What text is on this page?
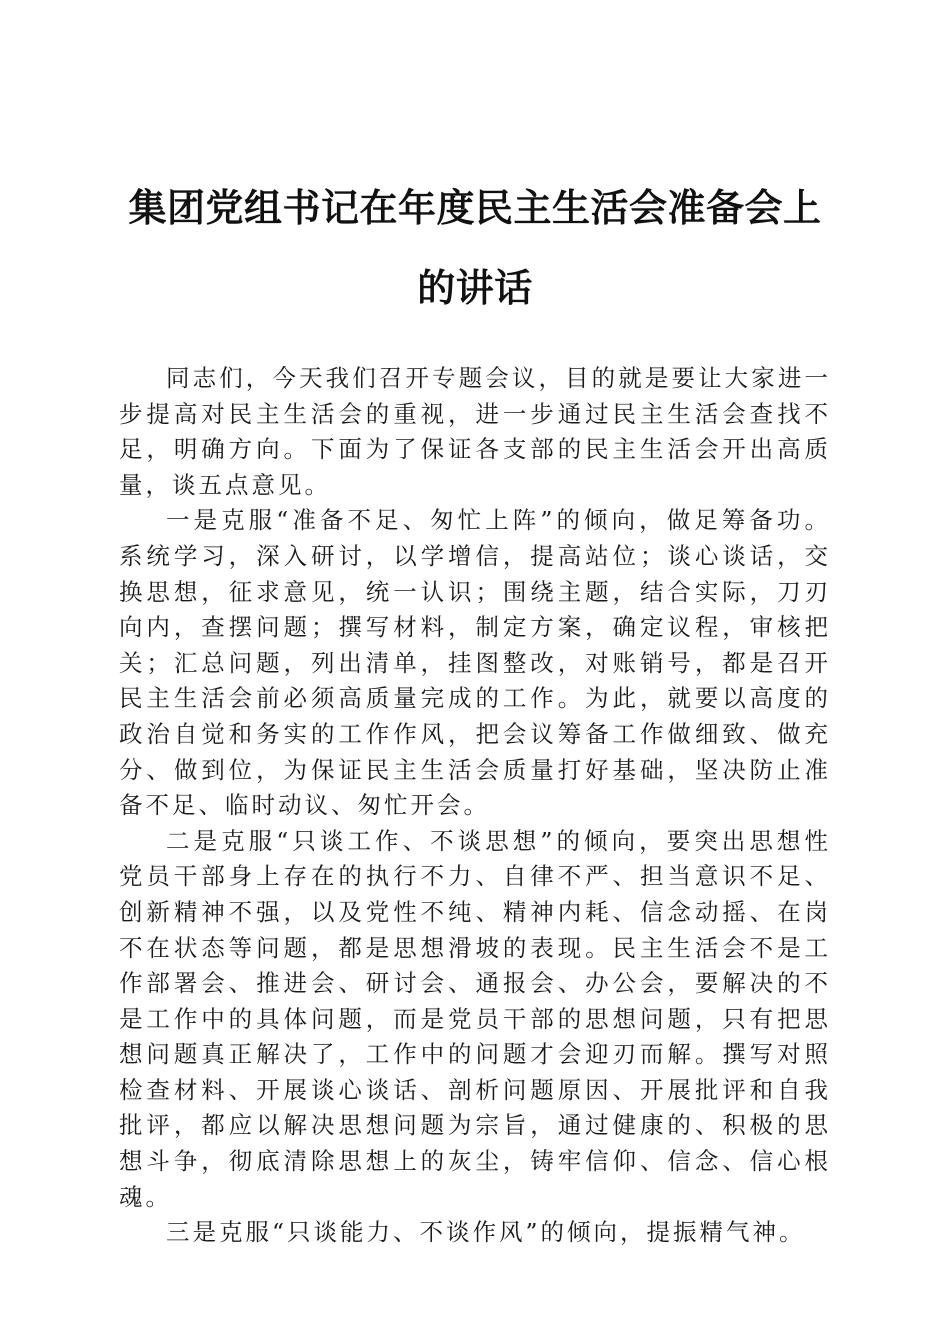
集团党组书记在年度民主生活会准备会上的讲话

同志们，今天我们召开专题会议，目的就是要让大家进一步提高对民主生活会的重视，进一步通过民主生活会查找不足，明确方向。下面为了保证各支部的民主生活会开出高质量，谈五点意见。

一是克服“准备不足、匆忙上阵”的倾向，做足筹备功。系统学习，深入研讨，以学增信，提高站位；谈心谈话，交换思想，征求意见，统一认识；围绕主题，结合实际，刀刃向内，查摆问题；撰写材料，制定方案，确定议程，审核把关；汇总问题，列出清单，挂图整改，对账销号，都是召开民主生活会前必须高质量完成的工作。为此，就要以高度的政治自觉和务实的工作作风，把会议筹备工作做细致、做充分、做到位，为保证民主生活会质量打好基础，坚决防止准备不足、临时动议、匆忙开会。

二是克服“只谈工作、不谈思想”的倾向，要突出思想性党员干部身上存在的执行不力、自律不严、担当意识不足、创新精神不强，以及党性不纯、精神内耗、信念动摇、在岗不在状态等问题，都是思想滑坡的表现。民主生活会不是工作部署会、推进会、研讨会、通报会、办公会，要解决的不是工作中的具体问题，而是党员干部的思想问题，只有把思想问题真正解决了，工作中的问题才会迎刃而解。撰写对照检查材料、开展谈心谈话、剖析问题原因、开展批评和自我批评，都应以解决思想问题为宗旨，通过健康的、积极的思想斗争，彻底清除思想上的灰尘，铸牢信仰、信念、信心根魂。

三是克服“只谈能力、不谈作风”的倾向，提振精气神。
